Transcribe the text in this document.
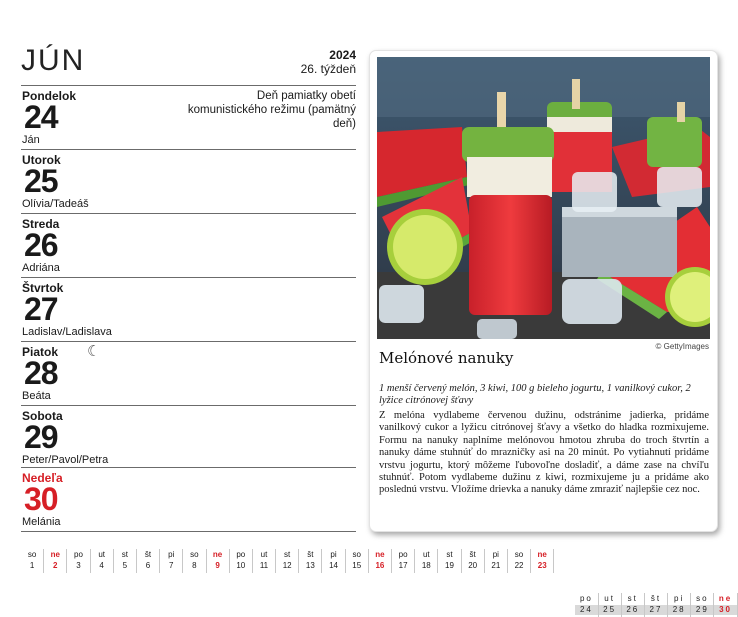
JÚN	2024
26. týždeň
Pondelok
24
Ján
Deň pamiatky obetí komunistického režimu (pamätný deň)
Utorok
25
Olívia/Tadeáš
Streda
26
Adriána
Štvrtok
27
Ladislav/Ladislava
Piatok ☾
28
Beáta
Sobota
29
Peter/Pavol/Petra
Nedeľa
30
Melánia
© GettyImages
Melónové nanuky
1 menší červený melón, 3 kiwi, 100 g bieleho jogurtu, 1 vanilkový cukor, 2 lyžice citrónovej šťavy
Z melóna vydlabeme červenou dužinu, odstránime jadierka, pridáme vanilkový cukor a lyžicu citrónovej šťavy a všetko do hladka rozmixujeme. Formu na nanuky naplníme melónovou hmotou zhruba do troch štvrtín a nanuky dáme stuhnúť do mrazničky asi na 20 minút. Po vytiahnutí pridáme vrstvu jogurtu, ktorý môžeme ľubovoľne dosladiť, a dáme zase na chvíľu stuhnúť. Potom vydlabeme dužinu z kiwi, rozmixujeme ju a pridáme ako poslednú vrstvu. Vložíme drievka a nanuky dáme zmraziť najlepšie cez noc.
so
1
ne
2
po
3
ut
4
st
5
št
6
pi
7
so
8
ne
9
po
10
ut
11
st
12
št
13
pi
14
so
15
ne
16
po
17
ut
18
st
19
št
20
pi
21
so
22
ne
23
po
24
ut
25
st
26
št
27
pi
28
so
29
ne
30
